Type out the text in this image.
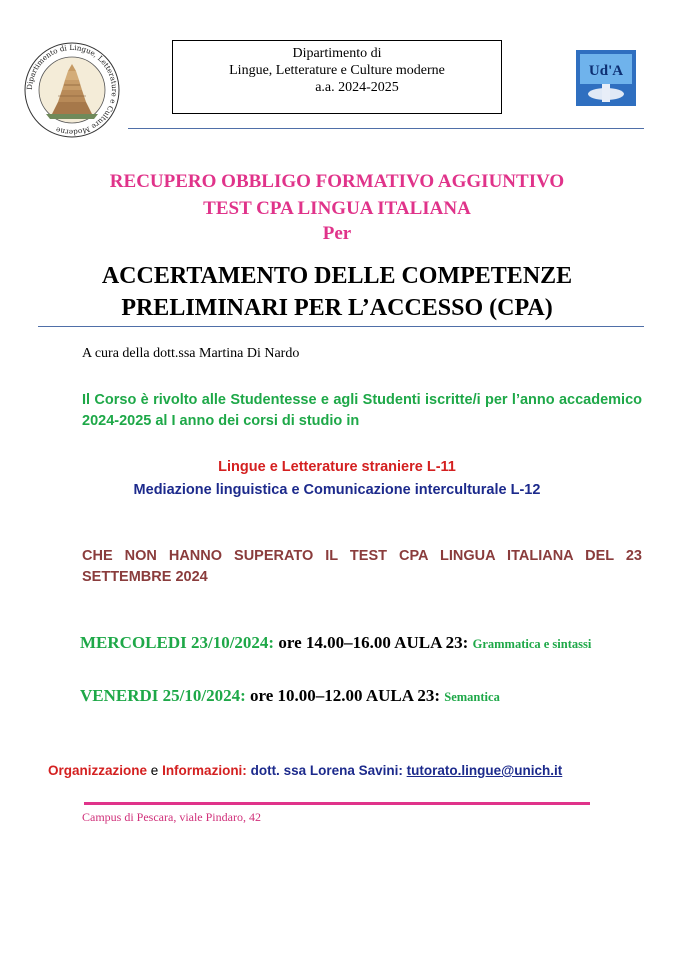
Dipartimento di Lingue, Letterature e Culture Moderne
Dipartimento di
Lingue, Letterature e Culture moderne
a.a. 2024-2025
Ud'A
RECUPERO OBBLIGO FORMATIVO AGGIUNTIVO
TEST CPA LINGUA ITALIANA
Per
ACCERTAMENTO DELLE COMPETENZE
PRELIMINARI PER L’ACCESSO (CPA)
A cura della dott.ssa Martina Di Nardo
Il Corso è rivolto alle Studentesse e agli Studenti iscritte/i per l’anno accademico 2024-2025 al I anno dei corsi di studio in
Lingue e Letterature straniere L-11
Mediazione linguistica e Comunicazione interculturale L-12
CHE NON HANNO SUPERATO IL TEST CPA LINGUA ITALIANA DEL 23 SETTEMBRE 2024
MERCOLEDI 23/10/2024: ore 14.00–16.00 AULA 23: Grammatica e sintassi
VENERDI 25/10/2024: ore 10.00–12.00 AULA 23: Semantica
Organizzazione e Informazioni: dott. ssa Lorena Savini: tutorato.lingue@unich.it
Campus di Pescara, viale Pindaro, 42
